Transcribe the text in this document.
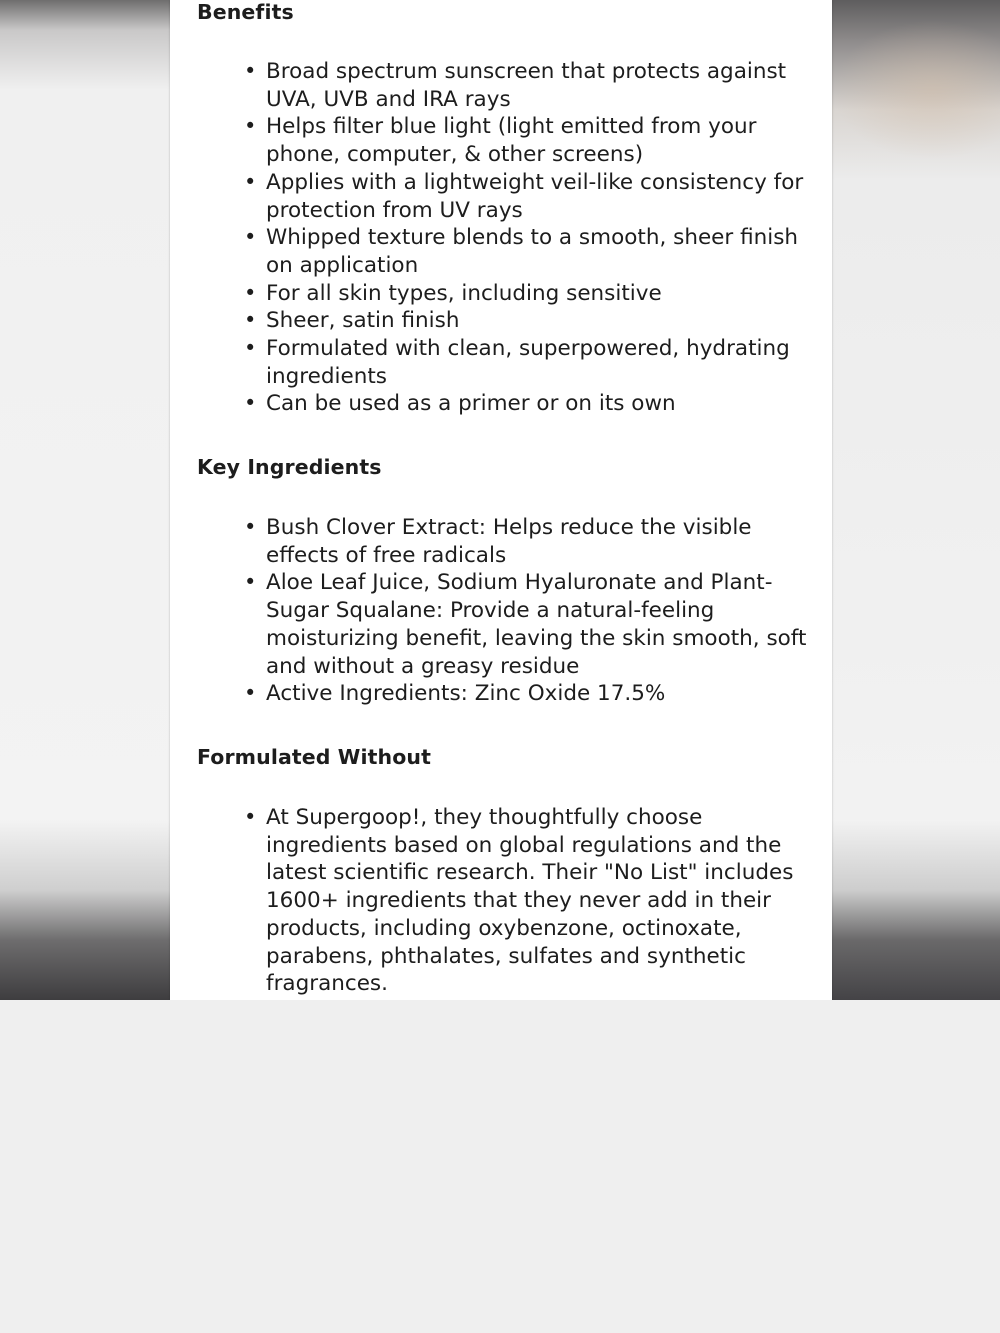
Benefits
• Broad spectrum sunscreen that protects against UVA, UVB and IRA rays
• Helps filter blue light (light emitted from your phone, computer, & other screens)
• Applies with a lightweight veil-like consistency for protection from UV rays
• Whipped texture blends to a smooth, sheer finish on application
• For all skin types, including sensitive
• Sheer, satin finish
• Formulated with clean, superpowered, hydrating ingredients
• Can be used as a primer or on its own
Key Ingredients
• Bush Clover Extract: Helps reduce the visible effects of free radicals
• Aloe Leaf Juice, Sodium Hyaluronate and Plant-Sugar Squalane: Provide a natural-feeling moisturizing benefit, leaving the skin smooth, soft and without a greasy residue
• Active Ingredients: Zinc Oxide 17.5%
Formulated Without
• At Supergoop!, they thoughtfully choose ingredients based on global regulations and the latest scientific research. Their "No List" includes 1600+ ingredients that they never add in their products, including oxybenzone, octinoxate, parabens, phthalates, sulfates and synthetic fragrances.
